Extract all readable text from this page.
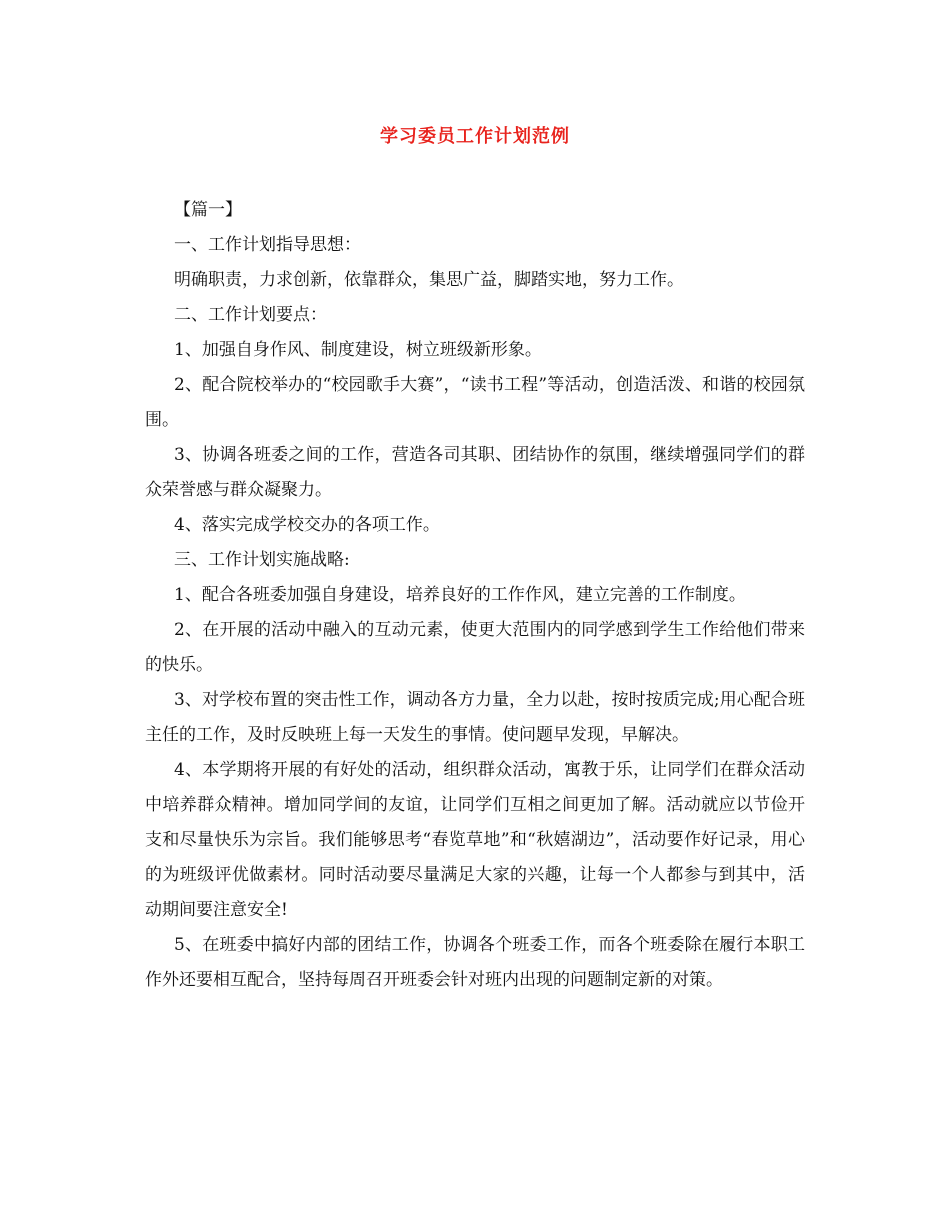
学习委员工作计划范例

【篇一】

一、工作计划指导思想：

明确职责，力求创新，依靠群众，集思广益，脚踏实地，努力工作。

二、工作计划要点：

1、加强自身作风、制度建设，树立班级新形象。

2、配合院校举办的“校园歌手大赛”，“读书工程”等活动，创造活泼、和谐的校园氛围。

3、协调各班委之间的工作，营造各司其职、团结协作的氛围，继续增强同学们的群众荣誉感与群众凝聚力。

4、落实完成学校交办的各项工作。

三、工作计划实施战略:

1、配合各班委加强自身建设，培养良好的工作作风，建立完善的工作制度。

2、在开展的活动中融入的互动元素，使更大范围内的同学感到学生工作给他们带来的快乐。

3、对学校布置的突击性工作，调动各方力量，全力以赴，按时按质完成;用心配合班主任的工作，及时反映班上每一天发生的事情。使问题早发现，早解决。

4、本学期将开展的有好处的活动，组织群众活动，寓教于乐，让同学们在群众活动中培养群众精神。增加同学间的友谊，让同学们互相之间更加了解。活动就应以节俭开支和尽量快乐为宗旨。我们能够思考“春览草地”和“秋嬉湖边”，活动要作好记录，用心的为班级评优做素材。同时活动要尽量满足大家的兴趣，让每一个人都参与到其中，活动期间要注意安全!

5、在班委中搞好内部的团结工作，协调各个班委工作，而各个班委除在履行本职工作外还要相互配合，坚持每周召开班委会针对班内出现的问题制定新的对策。
